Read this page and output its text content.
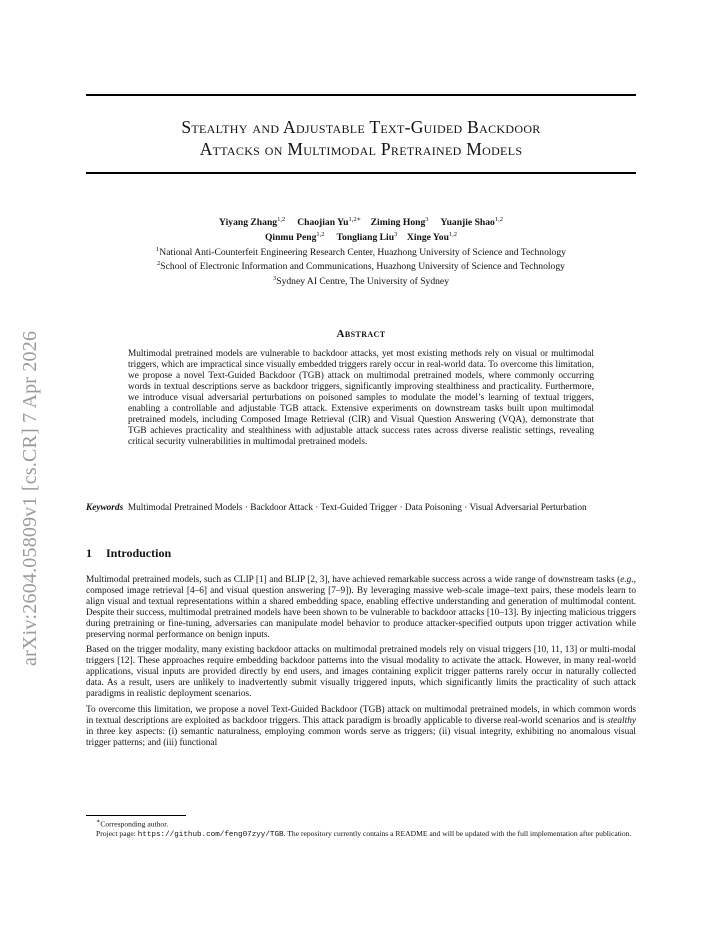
arXiv:2604.05809v1 [cs.CR] 7 Apr 2026
Stealthy and Adjustable Text-Guided Backdoor
Attacks on Multimodal Pretrained Models
Yiyang Zhang$^{1,2}$ Chaojian $Yu^{1,2∗}$ Ziming Hong$^3$ Yuanjie Shao$^{1,2}$
Qinmu Peng$^{1,2}$ Tongliang Liu$^3$ Xinge You$^{1,2}$
$^1$National Anti-Counterfeit Engineering Research Center, Huazhong University of Science and Technology
$^2$School of Electronic Information and Communications, Huazhong University of Science and Technology
$^3$Sydney AI Centre, The University of Sydney
Abstract
Multimodal pretrained models are vulnerable to backdoor attacks, yet most existing methods rely on visual or multimodal triggers, which are impractical since visually embedded triggers rarely occur in real-world data. To overcome this limitation, we propose a novel Text-Guided Backdoor (TGB) attack on multimodal pretrained models, where commonly occurring words in textual descriptions serve as backdoor triggers, significantly improving stealthiness and practicality. Furthermore, we introduce visual adversarial perturbations on poisoned samples to modulate the model’s learning of textual triggers, enabling a controllable and adjustable TGB attack. Extensive experiments on downstream tasks built upon multimodal pretrained models, including Composed Image Retrieval (CIR) and Visual Question Answering (VQA), demonstrate that TGB achieves practicality and stealthiness with adjustable attack success rates across diverse realistic settings, revealing critical security vulnerabilities in multimodal pretrained models.
Keywords Multimodal Pretrained Models · Backdoor Attack · Text-Guided Trigger · Data Poisoning · Visual Adversarial Perturbation
1 Introduction

Multimodal pretrained models, such as CLIP [1] and BLIP [2, 3], have achieved remarkable success across a wide range of downstream tasks (e.g., composed image retrieval [4–6] and visual question answering [7–9]). By leveraging massive web-scale image–text pairs, these models learn to align visual and textual representations within a shared embedding space, enabling effective understanding and generation of multimodal content. Despite their success, multimodal pretrained models have been shown to be vulnerable to backdoor attacks [10–13]. By injecting malicious triggers during pretraining or fine-tuning, adversaries can manipulate model behavior to produce attacker-specified outputs upon trigger activation while preserving normal performance on benign inputs.

Based on the trigger modality, many existing backdoor attacks on multimodal pretrained models rely on visual triggers [10, 11, 13] or multi-modal triggers [12]. These approaches require embedding backdoor patterns into the visual modality to activate the attack. However, in many real-world applications, visual inputs are provided directly by end users, and images containing explicit trigger patterns rarely occur in naturally collected data. As a result, users are unlikely to inadvertently submit visually triggered inputs, which significantly limits the practicality of such attack paradigms in realistic deployment scenarios.

To overcome this limitation, we propose a novel Text-Guided Backdoor (TGB) attack on multimodal pretrained models, in which common words in textual descriptions are exploited as backdoor triggers. This attack paradigm is broadly applicable to diverse real-world scenarios and is stealthy in three key aspects: (i) semantic naturalness, employing common words serve as triggers; (ii) visual integrity, exhibiting no anomalous visual trigger patterns; and (iii) functional

∗Corresponding author.

Project page: https://github.com/feng07zyy/TGB. The repository currently contains a README and will be updated with the full implementation after publication.
